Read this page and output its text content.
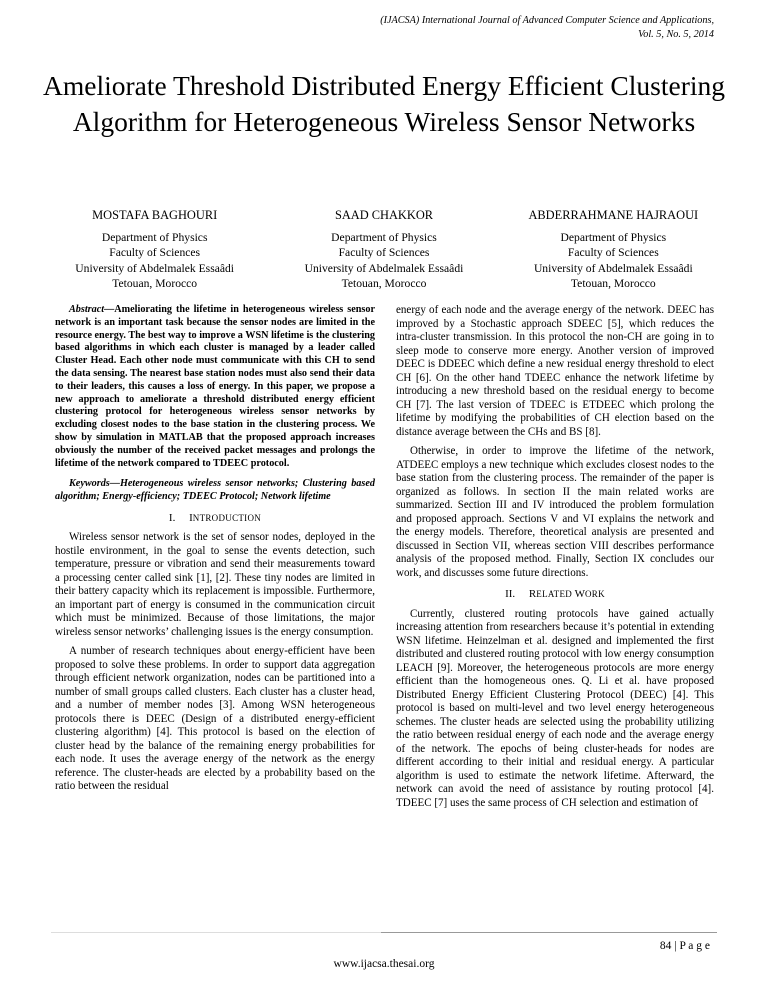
(IJACSA) International Journal of Advanced Computer Science and Applications,
Vol. 5, No. 5, 2014
Ameliorate Threshold Distributed Energy Efficient Clustering Algorithm for Heterogeneous Wireless Sensor Networks
MOSTAFA BAGHOURI
Department of Physics
Faculty of Sciences
University of Abdelmalek Essaâdi
Tetouan, Morocco
SAAD CHAKKOR
Department of Physics
Faculty of Sciences
University of Abdelmalek Essaâdi
Tetouan, Morocco
ABDERRAHMANE HAJRAOUI
Department of Physics
Faculty of Sciences
University of Abdelmalek Essaâdi
Tetouan, Morocco

Abstract—Ameliorating the lifetime in heterogeneous wireless sensor network is an important task because the sensor nodes are limited in the resource energy. The best way to improve a WSN lifetime is the clustering based algorithms in which each cluster is managed by a leader called Cluster Head. Each other node must communicate with this CH to send the data sensing. The nearest base station nodes must also send their data to their leaders, this causes a loss of energy. In this paper, we propose a new approach to ameliorate a threshold distributed energy efficient clustering protocol for heterogeneous wireless sensor networks by excluding closest nodes to the base station in the clustering process. We show by simulation in MATLAB that the proposed approach increases obviously the number of the received packet messages and prolongs the lifetime of the network compared to TDEEC protocol.

Keywords—Heterogeneous wireless sensor networks; Clustering based algorithm; Energy-efficiency; TDEEC Protocol; Network lifetime

I. INTRODUCTION

Wireless sensor network is the set of sensor nodes, deployed in the hostile environment, in the goal to sense the events detection, such temperature, pressure or vibration and send their measurements toward a processing center called sink [1], [2]. These tiny nodes are limited in their battery capacity which its replacement is impossible. Furthermore, an important part of energy is consumed in the communication circuit which must be minimized. Because of those limitations, the major wireless sensor networks’ challenging issues is the energy consumption.

A number of research techniques about energy-efficient have been proposed to solve these problems. In order to support data aggregation through efficient network organization, nodes can be partitioned into a number of small groups called clusters. Each cluster has a cluster head, and a number of member nodes [3]. Among WSN heterogeneous protocols there is DEEC (Design of a distributed energy-efficient clustering algorithm) [4]. This protocol is based on the election of cluster head by the balance of the remaining energy probabilities for each node. It uses the average energy of the network as the energy reference. The cluster-heads are elected by a probability based on the ratio between the residual

energy of each node and the average energy of the network. DEEC has improved by a Stochastic approach SDEEC [5], which reduces the intra-cluster transmission. In this protocol the non-CH are going in to sleep mode to conserve more energy. Another version of improved DEEC is DDEEC which define a new residual energy threshold to elect CH [6]. On the other hand TDEEC enhance the network lifetime by introducing a new threshold based on the residual energy to become CH [7]. The last version of TDEEC is ETDEEC which prolong the lifetime by modifying the probabilities of CH election based on the distance average between the CHs and BS [8].

Otherwise, in order to improve the lifetime of the network, ATDEEC employs a new technique which excludes closest nodes to the base station from the clustering process. The remainder of the paper is organized as follows. In section II the main related works are summarized. Section III and IV introduced the problem formulation and proposed approach. Sections V and VI explains the network and the energy models. Therefore, theoretical analysis are presented and discussed in Section VII, whereas section VIII describes performance analysis of the proposed method. Finally, Section IX concludes our work, and discusses some future directions.

II. RELATED WORK

Currently, clustered routing protocols have gained actually increasing attention from researchers because it’s potential in extending WSN lifetime. Heinzelman et al. designed and implemented the first distributed and clustered routing protocol with low energy consumption LEACH [9]. Moreover, the heterogeneous protocols are more energy efficient than the homogeneous ones. Q. Li et al. have proposed Distributed Energy Efficient Clustering Protocol (DEEC) [4]. This protocol is based on multi-level and two level energy heterogeneous schemes. The cluster heads are selected using the probability utilizing the ratio between residual energy of each node and the average energy of the network. The epochs of being cluster-heads for nodes are different according to their initial and residual energy. A particular algorithm is used to estimate the network lifetime. Afterward, the network can avoid the need of assistance by routing protocol [4]. TDEEC [7] uses the same process of CH selection and estimation of

84 | P a g e
www.ijacsa.thesai.org
